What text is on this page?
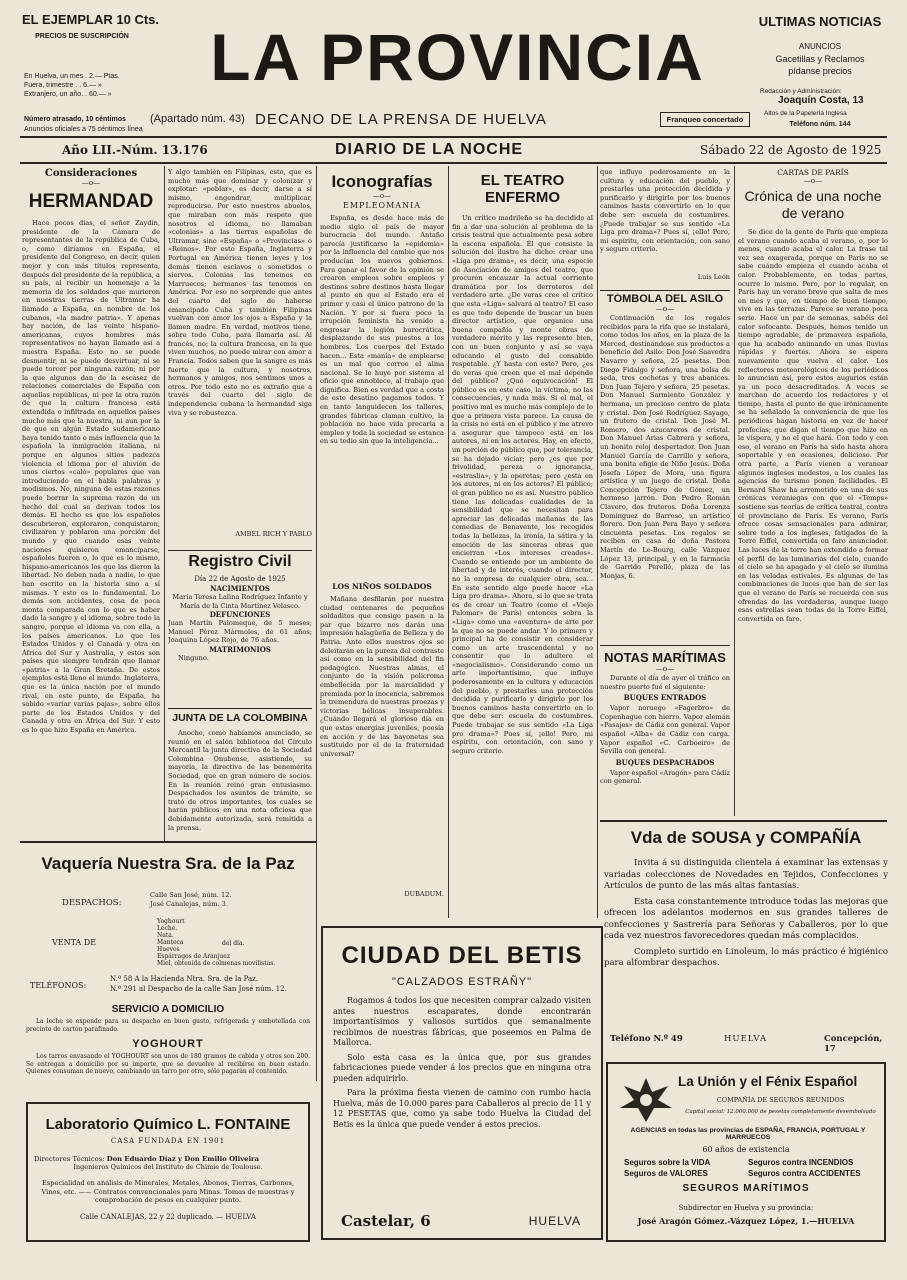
EL EJEMPLAR 10 Cts.
PRECIOS DE SUSCRIPCIÓN
En Huelva, un mes . 2.— Ptas.
Fuera, trimestre . . 6.— »
Extranjero, un año. . 60.— »
Número atrasado, 10 céntimos
Anuncios oficiales a 75 céntimos línea
LA PROVINCIA
(Apartado núm. 43) DECANO DE LA PRENSA DE HUELVA
ULTIMAS NOTICIAS
ANUNCIOS
Gacetillas y Reclamos
pídanse precios
Redacción y Administración:
Joaquín Costa, 13
Altos de la Papelería Inglesa
Teléfono núm. 144
Franqueo concertado
Año LII.-Núm. 13.176	DIARIO DE LA NOCHE	Sábado 22 de Agosto de 1925
Consideraciones
—o—
HERMANDAD
Hace pocos días, el señor Zaydín, presidente de la Cámara de representantes de la república de Cuba, o, como diríamos en España, el presidente del Congreso, en decir, quien mejor y con más títulos representa, después del presidente de la república, a su país, al recibir un homenaje a la memoria de los soldados que murieron en nuestras tierras de Ultramar ha llamado a España, en nombre de los cubanos, «la madre patria». Y apenas hay nación, de las veinte hispano-americanas, cuyos hombres más representativos no hayan llamado así a nuestra España. Esto no se puede desmentir, ni se puede desvirtuar, ni se puede torcer por ninguna razón; ni por la que algunos dan de la escasez de relaciones comerciales de España con aquellas repúblicas, ni por la otra razón de que la cultura francesa está extendida o infiltrada en aquellos países mucho más que la nuestra, ni aun por la de que en algún Estado sudamericano haya tenido tanto o más influencia que la española la inmigración italiana, ni porque en algunos sitios padezca violencia el idioma por el aluvión de unos ciertos «caló» populares que van introduciendo en el habla palabras y modismos. No, ninguna de estas razones puede borrar la suprema razón de un hecho del cual se derivan todos los demás. El hecho es que los españoles descubrieron, exploraron, conquistaron, civilizaron y poblaron una porción del mundo y que cuando esas veinte naciones quisieron emanciparse, españoles fueron o, lo que es lo mismo, hispano-americanos los que las dieron la libertad. No deben nada a nadie, lo que han escrito en la historia sino a sí mismas. Y esto es lo fundamental. Lo demás son accidentes, cosa de poca monta comparada con lo que es haber dado la sangre y el idioma, sobre todo la sangre, porque el idioma va con ella, a los países americanos. Lo que los Estados Unidos y el Canadá y otra en África del Sur y Australia, y estos son países que siempre tendrán que llamar «patria» a la Gran Bretaña. De estos ejemplos está lleno el mundo. Inglaterra, que es la única nación por el mundo rival, en este punto, de España, ha sabido «variar varias pajas», sobre ellos parte de los Estados Unidos y del Canadá y otra en África del Sur. Y esto es lo que hizo España en América.
Y algo también en Filipinas, esto, que es mucho más que dominar y colonizar y explotar: «poblar», es decir, darse a sí mismo, engendrar, multiplicar, reproducirse. Por esto nuestros abuelos, que miraban con más respeto que nosotros el idioma, no llamaban «colonias» a las tierras españolas de Ultramar, sino «España» o «Provincias» o «Reinos». Por esto España, Inglaterra y Portugal en América tienen leyes y los demás tienen esclavos o sometidos o siervos. Colonias las tenemos en Marruecos; hermanos las tenemos en América. Por eso no sorprende que antes del cuarto del siglo de haberse emancipado Cuba y también Filipinas vuelvan con amor los ojos a España y la llamen madre. En verdad, motivos tiene, sobre todo Cuba, para llamarla así. Al francés, no; la cultura francesa, en la que viven muchos, no puede mirar con amor a Francia. Todos saben que la sangre es más fuerte que la cultura, y nosotros, hermanos y amigos, nos sentimos unos a otros. Por todo esto no es extraño que a través del cuarto del siglo de independencia cubana la hermandad siga viva y se robustezca.
AMBEL RICH Y PABLO
Registro Civil
Día 22 de Agosto de 1925
NACIMIENTOS
María Teresa Lalina Rodríguez Infante y María de la Cinta Martínez Velasco.
DEFUNCIONES
Juan Martín Palomeque, de 5 meses; Manuel Pérez Mármoles, de 61 años; Joaquina López Rojo, de 76 años.
MATRIMONIOS
Ninguno.
JUNTA DE LA COLOMBINA
Anoche, como habíamos anunciado, se reunió en el salón biblioteca del Círculo Mercantil la junta directiva de la Sociedad Colombina Onubense, asistiendo, su mayoría, la directiva de las benemérita Sociedad, que en gran número de socios. En la reunión reinó gran entusiasmo. Despachados los asuntos de trámite, se trató de otros importantes, los cuales se harán públicos en una nota oficiosa que debidamente autorizada, será remitida a la prensa.
Iconografías
—o—
EMPLEOMANIA
España, es desde hace más de medio siglo el país de mayor burocracia del mundo. Antaño parecía justificarse la «epidemia» por la influencia del cambio que nos producían los nuevos gobiernos. Para ganar el favor de la opinión se crearon empleos sobre empleos y destinos sobre destinos hasta llegar al punto en que el Estado era el primer y casi el único patrono de la Nación. Y por si fuera poco la irrupción feminista ha venido a engrosar la legión burocrática, desplazando de sus puestos a los hombres. Los cuerpos del Estado hacen... Esta «manía» de emplearse es un mal que corroe el alma nacional. Se le huye por sistema al oficio que ennoblece, al trabajo que dignifica. Bien es verdad que a costa de este desatino pagamos todos. Y en tanto languidecen los talleres, grandes fábricas claman cultivo, la población no hace vida precaria a empleo y toda la sociedad se estanca en su tedio sin que la inteligencia...
LOS NIÑOS SOLDADOS
Mañana desfilarán por nuestra ciudad centenares de pequeños soldaditos que consigo pasen a la par que bizarro nos darán una impresión halagüeña de Belleza y de Patria. Ante ellos nuestros ojos se deleitarán en la pureza del contraste así como en la sensibilidad del fin pedagógico. Nuestras almas, el conjunto de la visión policroma embellecida por la marcialidad y premiada por la inocencia, sabremos la tremendura de nuestras proezas y victorias bélicas insuperables. ¿Cuándo llegará el glorioso día en que estas energías juveniles, poesía en acción y de las bayonetas sea sustituido por el de la fraternidad universal?
DUBADUM.
EL TEATRO ENFERMO
Un crítico madrileño se ha decidido al fin a dar una solución al problema de la crisis teatral que actualmente pesa sobre la escena española. Él que consiste la solución del ilustre ha dicho: crear una «Liga pro drama», es decir, una especie de Asociación de amigos del teatro, que procuren encauzar la actual corriente dramática por los derroteros del verdadero arte. ¿De veras cree el crítico que esta «Liga» salvará al teatro? El caso es que todo depende de buscar un buen director artístico, que organice una buena compañía y monte obras de verdadero mérito y las represente bien, con un buen conjunto y así se vaya educando el gusto del consabido respetable. ¿Y hasta con esto? Pero, ¿es de veras que creen que el mal depende del público? ¿Qué equivocación! El público es en este caso, la víctima, no las consecuencias, y nada más. Si el mal, el positivo mal es mucho más complejo de lo que a primera vista parece. La causa de la crisis no está en el público y me atrevo a asegurar que tampoco está en los autores, ni en los actores. Hay, en efecto, un porción de público que, por tolerancia, se ha dejado viciar; pero ¿es que por frivolidad, pereza o ignorancia, «estraslia», y la operetas; pero ¿esta en los autores, ni en los actores? El público; el gran público no es así. Nuestro público tiene las delicadas cualidades de la sensibilidad que se necesitan para apreciar las delicadas mañanas de las comedias de Benavente, los recogidos todas la bellezas, la ironía, la sátira y la emoción de las sinceras obras que encierran «Los intereses creados». Cuando se entiende por un ambiente de libertad y de interés, cuando el director, no la empresa de cualquier obra, sea... En este sentido algo puede hacer «La Liga pro drama». Ahora, si lo que se trata es de crear un Teatro (como el «Viejo Palomar» de París) entonces sobra la «Liga» como una «aventura» de arte por la que no se puede andar. Y lo primero y principal ha de consistir en considerar como un arte trascendental y no consentir que lo adultere el «negocialismo». Considerando como un arte importantísimo, que influye poderosamente en la cultura y educación del pueblo, y prestarles una protección decidida y purificarlo y dirigirlo por los buenos caminos hasta convertirlo en lo que debe ser: escuela de costumbres. Puede trabajar se sus sentido «La Liga pro drama»? Pues sí, ¡ello! Pero, mi espíritu, con orientación, con sano y seguro criterio.
que influye poderosamente en la cultura y educación del pueblo, y prestarles una protección decidida y purificarlo y dirigirlo por los buenos caminos hasta convertirlo en lo que debe ser: escuela de costumbres. ¿Puede trabajar se sus sentido «La Liga pro drama»? Pues sí, ¡ello! Pero, mi espíritu, con orientación, con sano y seguro criterio.
Luis León
TÓMBOLA DEL ASILO
—o—
Continuación de los regalos recibidos para la rifa que se instalará, como todos los años, en la plaza de la Merced, destinándose sus productos a beneficio del Asilo: Don José Saavedra Navarro y señora, 25 pesetas. Don Diego Fidalgo y señora, una bolsa de seda, tres cochetas y tres abanicos. Don Juan Tejero y señora, 25 pesetas. Don Manuel Sarmiento González y hermana, un precioso centro de plata y cristal. Don José Rodríguez Sayago, un frutero de cristal. Don José M. Romero, dos azucareros de cristal. Don Manuel Arias Cabrera y señora, un bonito reloj despertador. Don Juan Manuel García de Carrillo y señora, una bonita efigie de Niño Jesús. Doña Josefa López de Mora, una figura artística y un juego de cristal. Doña Concepción Tejero de Gómez, un hermoso jarrón. Don Pedro Román Clavero, dos fruteros. Doña Lorenza Domínguez de Barroso, un artístico florero. Don Juan Pera Bayo y señora cincuenta pesetas. Los regalos se reciben en casa de doña Pastora Martín de Le-Bourg, calle Vázquez López 13, principal, y en la farmacia de Garrido Perelló, plaza de las Monjas, 6.
NOTAS MARÍTIMAS
—o—
Durante el día de ayer el tráfico en nuestro puerto fué el siguiente:
BUQUES ENTRADOS
Vapor noruego «Fagerbro» de Copenhague con hierro. Vapor alemán «Pasajes» de Cádiz con general. Vapor español «Alba» de Cádiz con carga. Vapor español «C. Carboeiro» de Sevilla con general.
BUQUES DESPACHADOS
Vapor español «Aragón» para Cádiz con general.
CARTAS DE PARÍS
—o—
Crónica de una noche de verano
Se dice de la gente de París que empieza el verano cuando acaba el verano, o, por lo menos, cuando acaba el calor. La frase tal vez sea exagerada, porque en París no se sabe cuándo empieza el cuando acaba el calor. Probablemente, en todas partes, ocurre lo mismo. Pero, por lo regular, en París hay un verano breve que salta de mes en mes y que, en tiempo de buen tiempo, vive en las terrazas. Parece se verano poca serie. Hace un par de semanas, sabéis del calor sofocante. Después, hemos tenido un tiempo agradable, de primavera española, que ha acabado animando en unas lluvias rápidas y fuertes. Ahora se espera nuevamente que vuelva el calor. Los reflectores meteorológicos de los periódicos lo anuncian así, pero estos augurios están ya un poco desacreditados. A veces se marchan de acuerdo los redactores y el tiempo, hasta el punto de que irónicamente se ha señalado la conveniencia de que los periódicos hagan historia en vez de hacer profecías; que digan el tiempo que hizo en la víspera, y no el que hará. Con todo y con eso, el verano en París ha sido hasta ahora soportable y en ocasiones, delicioso. Por otra parte, a París vienen a veranear algunos ingleses modestos, a los cuales las agencias de turismo ponen facilidades. El Bernard Shaw ha arremetido en una de sus crónicas veraniegas con que el «Temps» sostiene sus teorías de crítica teatral, contra el provinciano de París. Es verano, París ofrece cosas sensacionales para admirar, sobre todo a los ingleses, fatigados de la Torre Eiffel, convertida en faro anunciador. Las luces de la torre han extendido a formar el perfil de las luminarias del cielo, cuando el cielo se ha apagado y el cielo se ilumina en las veladas estivales. Es algunas de las combinaciones de luces que han de ser las que el verano de París se recuerda con sus ofrendas de las verdaderas, aunque luego esas estrellas sean todas de la Torre Eiffel, convertida en faro.
Vaquería Nuestra Sra. de la Paz
DESPACHOS:
Calle San José, núm. 12.
José Canalejas, núm. 3.
VENTA DE
Yoghourt
Leche.
Nata.
Manteca
Huevos
Espárragos de Aranjuez
Miel, obtenida de colmenas movilistas.
del día.
TELÉFONOS:
N.º 58 A la Hacienda Ntra. Sra. de la Paz.
N.º 291 al Despacho de la calle San José núm. 12.
SERVICIO A DOMICILIO
La leche se expende para su despacho en buen gusto, refrigerada y embotellada con precinto de cartón parafinado.
YOGHOURT
Los tarros envasando el YOGHOURT son unos de 180 gramos de cabida y otros son 200. Se entregan a domicilio por su importe, que se devuelve al recibirse en buen estado. Quienes consuman de nuevo, cambiando un tarro por otro, sólo pagarán el contenido.
Laboratorio Químico L. FONTAINE
CASA FUNDADA EN 1901
Directores Técnicos: Don Eduardo Díaz y Don Emilio Oliveira
Ingenieros Químicos del Instituto de Chimie de Toulouse.
Especialidad en análisis de Minerales, Metales, Abonos, Tierras, Carbones, Vinos, etc. —— Contratos convencionales para Minas. Tomas de muestras y comprobación de pesos en cualquier punto.
Calle CANALEJAS, 22 y 22 duplicado. — HUELVA
CIUDAD DEL BETIS
"CALZADOS ESTRAÑY"
Rogamos á todos los que necesiten comprar calzado visiten antes nuestros escaparates, donde encontrarán importantísimos y valiosos surtidos que semanalmente recibimos de nuestras fábricas, que poseemos en Palma de Mallorca.
Solo esta casa es la única que, por sus grandes fabricaciones puede vender á los precios que en ninguna otra pueden adquirirlo.
Para la próxima fiesta vienen de camino con rumbo hacia Huelva, más de 10.000 pares para Caballeros al precio de 11 y 12 PESETAS que, como ya sabe todo Huelva la Ciudad del Betis es la única que puede vender á estos precios.
Castelar, 6	HUELVA
Vda de SOUSA y COMPAÑÍA
Invita á su distinguida clientela á examinar las extensas y variadas colecciones de Novedades en Tejidos, Confecciones y Artículos de punto de las más altas fantasías.
Esta casa constantemente introduce todas las mejoras que ofrecen los adelantos modernos en sus grandes talleres de confecciones y Sastrería para Señoras y Caballeros, por lo que cada vez nuestros favorecedores quedan más complacidos.
Completo surtido en Linoleum, lo más práctico é higiénico para alfombrar despachos.
Teléfono N.º 49	HUELVA	Concepción, 17
La Unión y el Fénix Español
COMPAÑÍA DE SEGUROS REUNIDOS
Capital social: 12.000.000 de pesetas completamente desembolsado
AGENCIAS en todas las provincias de ESPAÑA, FRANCIA, PORTUGAL Y MARRUECOS
60 años de existencia
Seguros sobre la VIDA
Seguros de VALORES
Seguros contra INCENDIOS
Seguros contra ACCIDENTES
SEGUROS MARÍTIMOS
Subdirector en Huelva y su provincia:
José Aragón Gómez.-Vázquez López, 1.—HUELVA
